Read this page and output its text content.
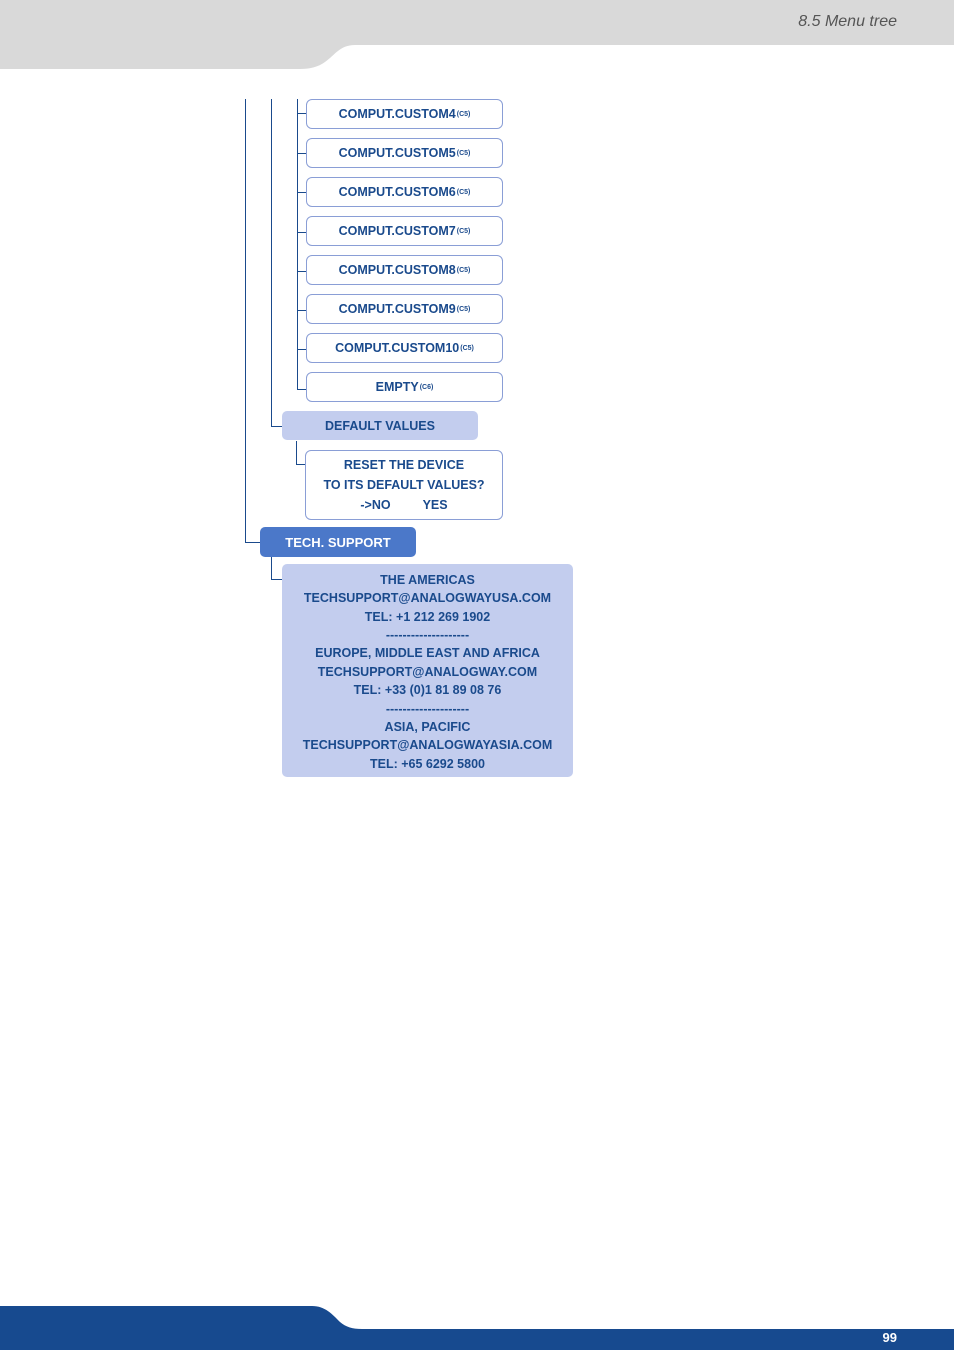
8.5 Menu tree
COMPUT.CUSTOM4 (C5)
COMPUT.CUSTOM5 (C5)
COMPUT.CUSTOM6 (C5)
COMPUT.CUSTOM7 (C5)
COMPUT.CUSTOM8 (C5)
COMPUT.CUSTOM9 (C5)
COMPUT.CUSTOM10 (C5)
EMPTY (C6)
DEFAULT VALUES
RESET THE DEVICE
TO ITS DEFAULT VALUES?
->NO	YES
TECH. SUPPORT
THE AMERICAS
TECHSUPPORT@ANALOGWAYUSA.COM
TEL: +1 212 269 1902
--------------------
EUROPE, MIDDLE EAST AND AFRICA
TECHSUPPORT@ANALOGWAY.COM
TEL: +33 (0)1 81 89 08 76
--------------------
ASIA, PACIFIC
TECHSUPPORT@ANALOGWAYASIA.COM
TEL: +65 6292 5800
99
